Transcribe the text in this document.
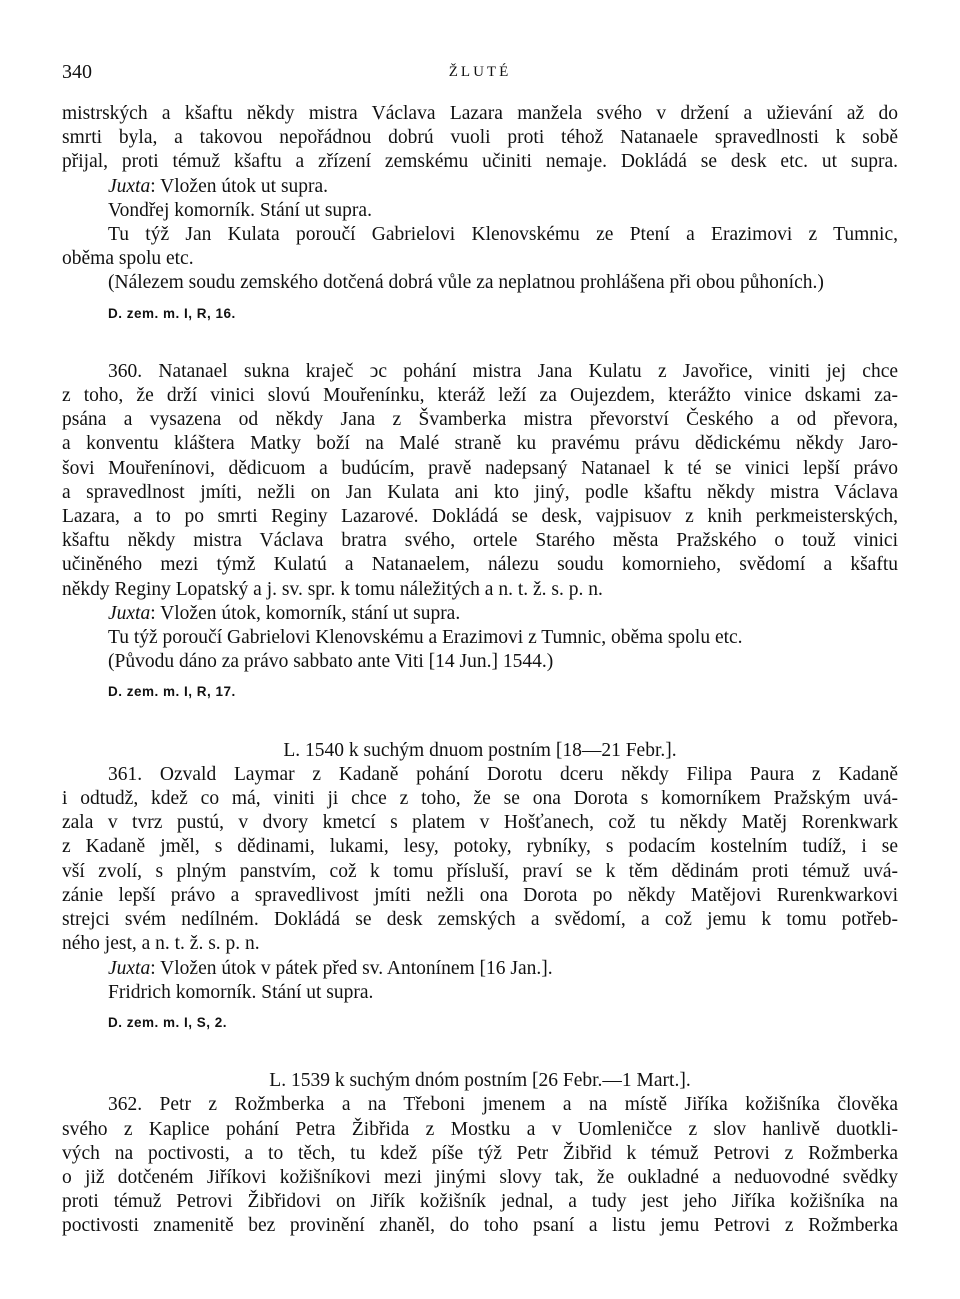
340	ŽLUTÉ

mistrských a kšaftu někdy mistra Václava Lazara manžela svého v držení a užievání až do

smrti byla, a takovou nepořádnou dobrú vuoli proti téhož Natanaele spravedlnosti k sobě

přijal, proti témuž kšaftu a zřízení zemskému učiniti nemaje. Dokládá se desk etc. ut supra.

Juxta: Vložen útok ut supra.

Vondřej komorník. Stání ut supra.

Tu týž Jan Kulata poroučí Gabrielovi Klenovskému ze Ptení a Erazimovi z Tumnic,

oběma spolu etc.

(Nálezem soudu zemského dotčená dobrá vůle za neplatnou prohlášena při obou půhoních.)

D. zem. m. I, R, 16.

360. Natanael sukna kraječ ↄc pohání mistra Jana Kulatu z Javořice, viniti jej chce

z toho, že drží vinici slovú Mouřenínku, kteráž leží za Oujezdem, kterážto vinice dskami za-

psána a vysazena od někdy Jana z Švamberka mistra převorství Českého a od převora,

a konventu kláštera Matky boží na Malé straně ku pravému právu dědickému někdy Jaro-

šovi Mouřenínovi, dědicuom a budúcím, pravě nadepsaný Natanael k té se vinici lepší právo

a spravedlnost jmíti, nežli on Jan Kulata ani kto jiný, podle kšaftu někdy mistra Václava

Lazara, a to po smrti Reginy Lazarové. Dokládá se desk, vajpisuov z knih perkmeisterských,

kšaftu někdy mistra Václava bratra svého, ortele Starého města Pražského o touž vinici

učiněného mezi týmž Kulatú a Natanaelem, nálezu soudu komornieho, svědomí a kšaftu

někdy Reginy Lopatský a j. sv. spr. k tomu náležitých a n. t. ž. s. p. n.

Juxta: Vložen útok, komorník, stání ut supra.

Tu týž poroučí Gabrielovi Klenovskému a Erazimovi z Tumnic, oběma spolu etc.

(Původu dáno za právo sabbato ante Viti [14 Jun.] 1544.)

D. zem. m. I, R, 17.

L. 1540 k suchým dnuom postním [18—21 Febr.].

361. Ozvald Laymar z Kadaně pohání Dorotu dceru někdy Filipa Paura z Kadaně

i odtudž, kdež co má, viniti ji chce z toho, že se ona Dorota s komorníkem Pražským uvá-

zala v tvrz pustú, v dvory kmetcí s platem v Hošťanech, což tu někdy Matěj Rorenkwark

z Kadaně jměl, s dědinami, lukami, lesy, potoky, rybníky, s podacím kostelním tudíž, i se

vší zvolí, s plným panstvím, což k tomu přísluší, praví se k těm dědinám proti témuž uvá-

zánie lepší právo a spravedlivost jmíti nežli ona Dorota po někdy Matějovi Rurenkwarkovi

strejci svém nedílném. Dokládá se desk zemských a svědomí, a což jemu k tomu potřeb-

ného jest, a n. t. ž. s. p. n.

Juxta: Vložen útok v pátek před sv. Antonínem [16 Jan.].

Fridrich komorník. Stání ut supra.

D. zem. m. I, S, 2.

L. 1539 k suchým dnóm postním [26 Febr.—1 Mart.].

362. Petr z Rožmberka a na Třeboni jmenem a na místě Jiříka kožišníka člověka

svého z Kaplice pohání Petra Žibřida z Mostku a v Uomleničce z slov hanlivě duotkli-

vých na poctivosti, a to těch, tu kdež píše týž Petr Žibřid k témuž Petrovi z Rožmberka

o již dotčeném Jiříkovi kožišníkovi mezi jinými slovy tak, že oukladné a neduovodné svědky

proti témuž Petrovi Žibřidovi on Jiřík kožišník jednal, a tudy jest jeho Jiříka kožišníka na

poctivosti znamenitě bez provinění zhaněl, do toho psaní a listu jemu Petrovi z Rožmberka
